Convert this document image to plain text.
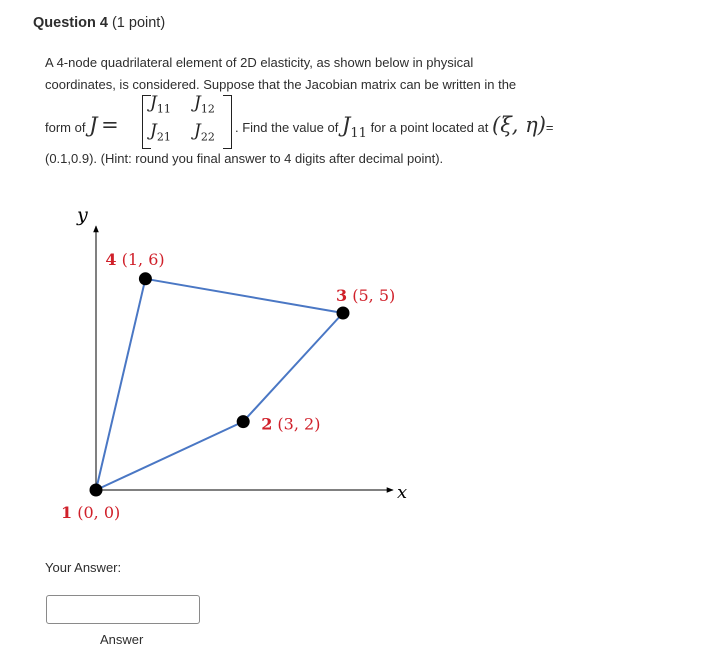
Question 4 (1 point)
A 4-node quadrilateral element of 2D elasticity, as shown below in physical
coordinates, is considered. Suppose that the Jacobian matrix can be written in the
form of J =
$J_{11}$ $J_{12}$
$J_{21}$ $J_{22}$
. Find the value of $J_{11}$ for a point located at (ξ, η)=
(0.1,0.9). (Hint: round you final answer to 4 digits after decimal point).
y
x
1 (0, 0)
2 (3, 2)
3 (5, 5)
4 (1, 6)
Your Answer:
Answer
